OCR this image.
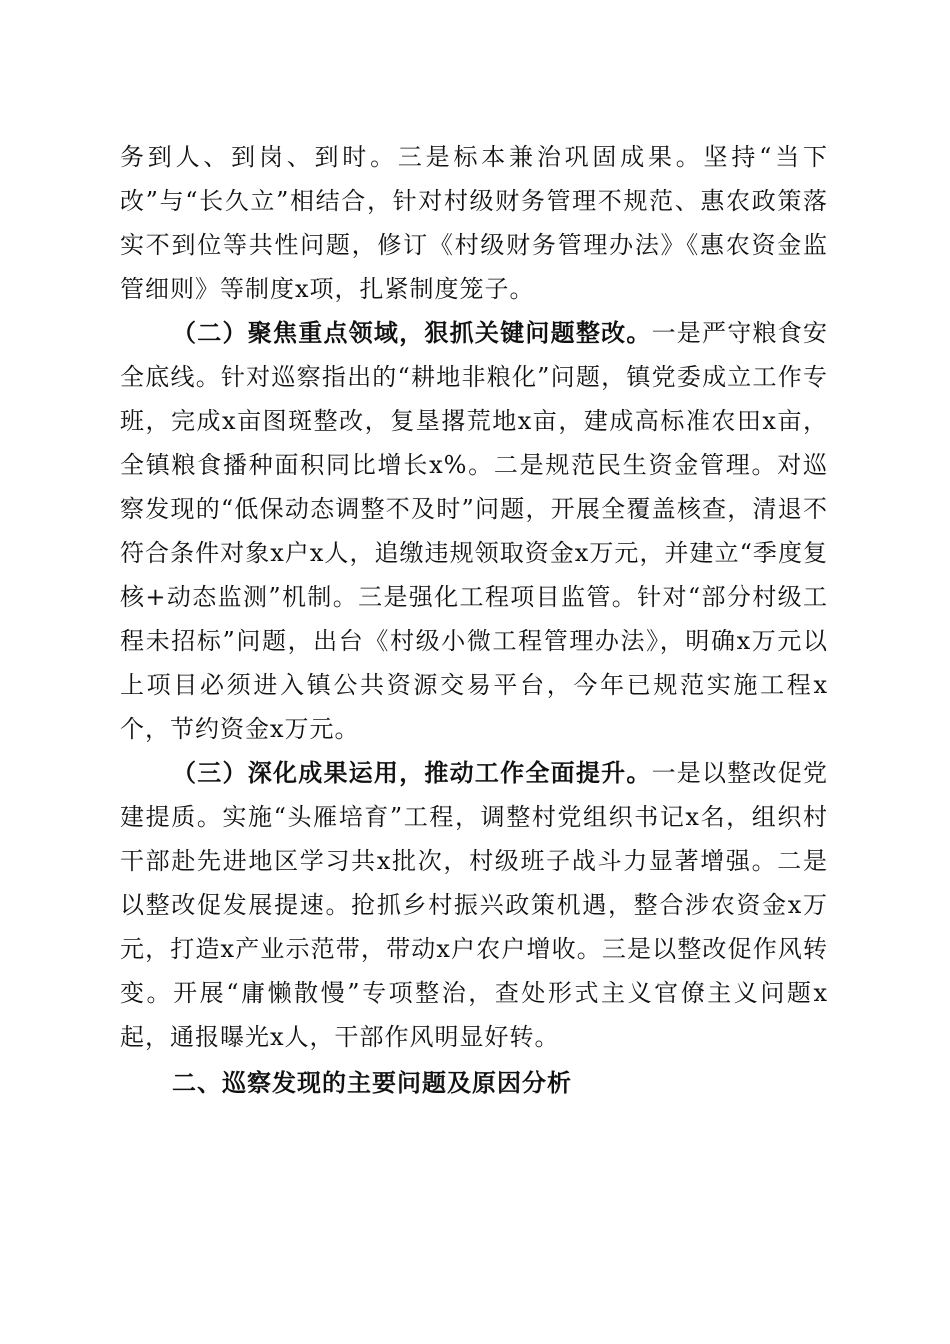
务到人、到岗、到时。三是标本兼治巩固成果。坚持“当下改”与“长久立”相结合，针对村级财务管理不规范、惠农政策落实不到位等共性问题，修订《村级财务管理办法》《惠农资金监管细则》等制度x项，扎紧制度笼子。

（二）聚焦重点领域，狠抓关键问题整改。一是严守粮食安全底线。针对巡察指出的“耕地非粮化”问题，镇党委成立工作专班，完成x亩图斑整改，复垦撂荒地x亩，建成高标准农田x亩，全镇粮食播种面积同比增长x%。二是规范民生资金管理。对巡察发现的“低保动态调整不及时”问题，开展全覆盖核查，清退不符合条件对象x户x人，追缴违规领取资金x万元，并建立“季度复核+动态监测”机制。三是强化工程项目监管。针对“部分村级工程未招标”问题，出台《村级小微工程管理办法》，明确x万元以上项目必须进入镇公共资源交易平台，今年已规范实施工程x个，节约资金x万元。

（三）深化成果运用，推动工作全面提升。一是以整改促党建提质。实施“头雁培育”工程，调整村党组织书记x名，组织村干部赴先进地区学习共x批次，村级班子战斗力显著增强。二是以整改促发展提速。抢抓乡村振兴政策机遇，整合涉农资金x万元，打造x产业示范带，带动x户农户增收。三是以整改促作风转变。开展“庸懒散慢”专项整治，查处形式主义官僚主义问题x起，通报曝光x人，干部作风明显好转。

二、巡察发现的主要问题及原因分析
